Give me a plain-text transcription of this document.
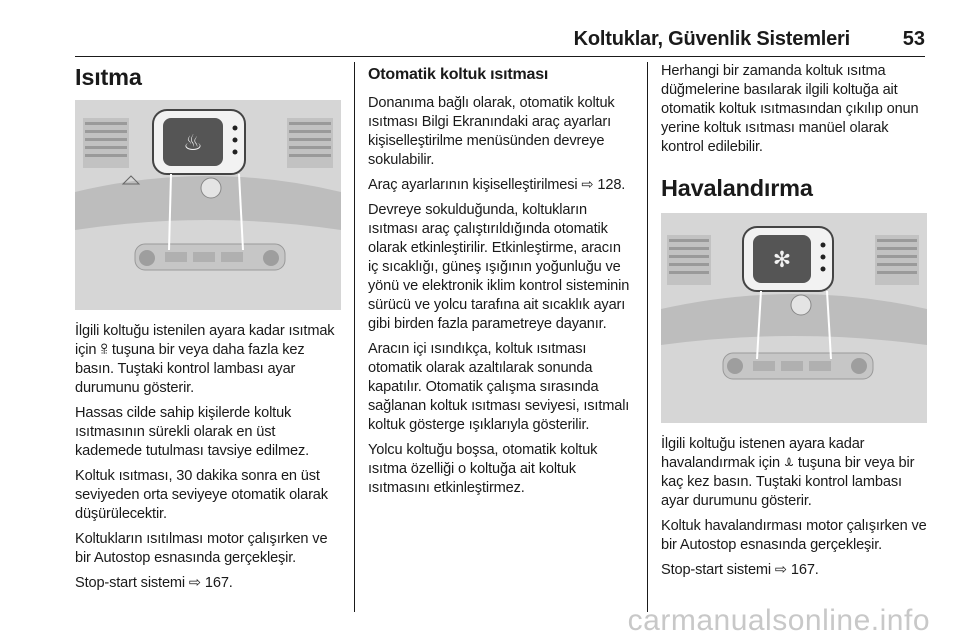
Koltuklar, Güvenlik Sistemleri	53
Isıtma
♨

İlgili koltuğu istenilen ayara kadar ısıtmak için ꕉ tuşuna bir veya daha fazla kez basın. Tuştaki kontrol lambası ayar durumunu gösterir.

Hassas cilde sahip kişilerde koltuk ısıtmasının sürekli olarak en üst kademede tutulması tavsiye edilmez.

Koltuk ısıtması, 30 dakika sonra en üst seviyeden orta seviyeye otomatik olarak düşürülecektir.

Koltukların ısıtılması motor çalışırken ve bir Autostop esnasında gerçekleşir.

Stop-start sistemi ⇨ 167.

Otomatik koltuk ısıtması

Donanıma bağlı olarak, otomatik koltuk ısıtması Bilgi Ekranındaki araç ayarları kişiselleştirilme menüsünden devreye sokulabilir.

Araç ayarlarının kişiselleştirilmesi ⇨ 128.

Devreye sokulduğunda, koltukların ısıtması araç çalıştırıldığında otomatik olarak etkinleştirilir. Etkinleştirme, aracın iç sıcaklığı, güneş ışığının yoğunluğu ve yönü ve elektronik iklim kontrol sisteminin sürücü ve yolcu tarafına ait sıcaklık ayarı gibi birden fazla parametreye dayanır.

Aracın içi ısındıkça, koltuk ısıtması otomatik olarak azaltılarak sonunda kapatılır. Otomatik çalışma sırasında sağlanan koltuk ısıtması seviyesi, ısıtmalı koltuk gösterge ışıklarıyla gösterilir.

Yolcu koltuğu boşsa, otomatik koltuk ısıtma özelliği o koltuğa ait koltuk ısıtmasını etkinleştirmez.

Herhangi bir zamanda koltuk ısıtma düğmelerine basılarak ilgili koltuğa ait otomatik koltuk ısıtmasından çıkılıp onun yerine koltuk ısıtması manüel olarak kontrol edilebilir.

Havalandırma
✻

İlgili koltuğu istenen ayara kadar havalandırmak için ꕊ tuşuna bir veya bir kaç kez basın. Tuştaki kontrol lambası ayar durumunu gösterir.

Koltuk havalandırması motor çalışırken ve bir Autostop esnasında gerçekleşir.

Stop-start sistemi ⇨ 167.

carmanualsonline.info
